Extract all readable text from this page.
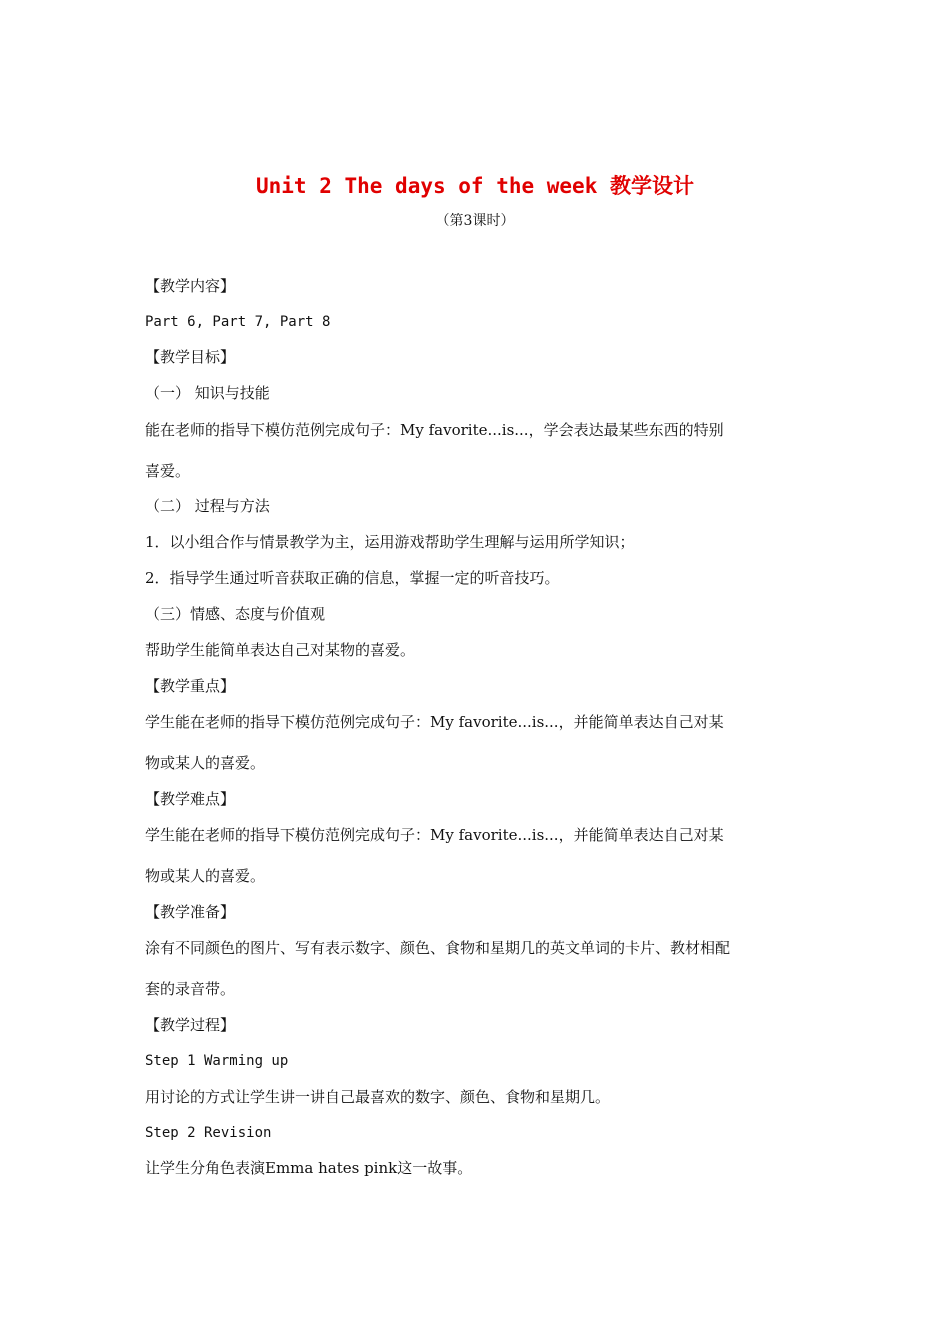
Unit 2 The days of the week 教学设计
（第3课时）
【教学内容】
Part 6, Part 7, Part 8
【教学目标】
（一） 知识与技能
能在老师的指导下模仿范例完成句子：My favorite...is...，学会表达最某些东西的特别
喜爱。
（二） 过程与方法
1．以小组合作与情景教学为主，运用游戏帮助学生理解与运用所学知识；
2．指导学生通过听音获取正确的信息，掌握一定的听音技巧。
（三）情感、态度与价值观
帮助学生能简单表达自己对某物的喜爱。
【教学重点】
学生能在老师的指导下模仿范例完成句子：My favorite...is...，并能简单表达自己对某
物或某人的喜爱。
【教学难点】
学生能在老师的指导下模仿范例完成句子：My favorite...is...，并能简单表达自己对某
物或某人的喜爱。
【教学准备】
涂有不同颜色的图片、写有表示数字、颜色、食物和星期几的英文单词的卡片、教材相配
套的录音带。
【教学过程】
Step 1 Warming up
用讨论的方式让学生讲一讲自己最喜欢的数字、颜色、食物和星期几。
Step 2 Revision
让学生分角色表演Emma hates pink这一故事。
